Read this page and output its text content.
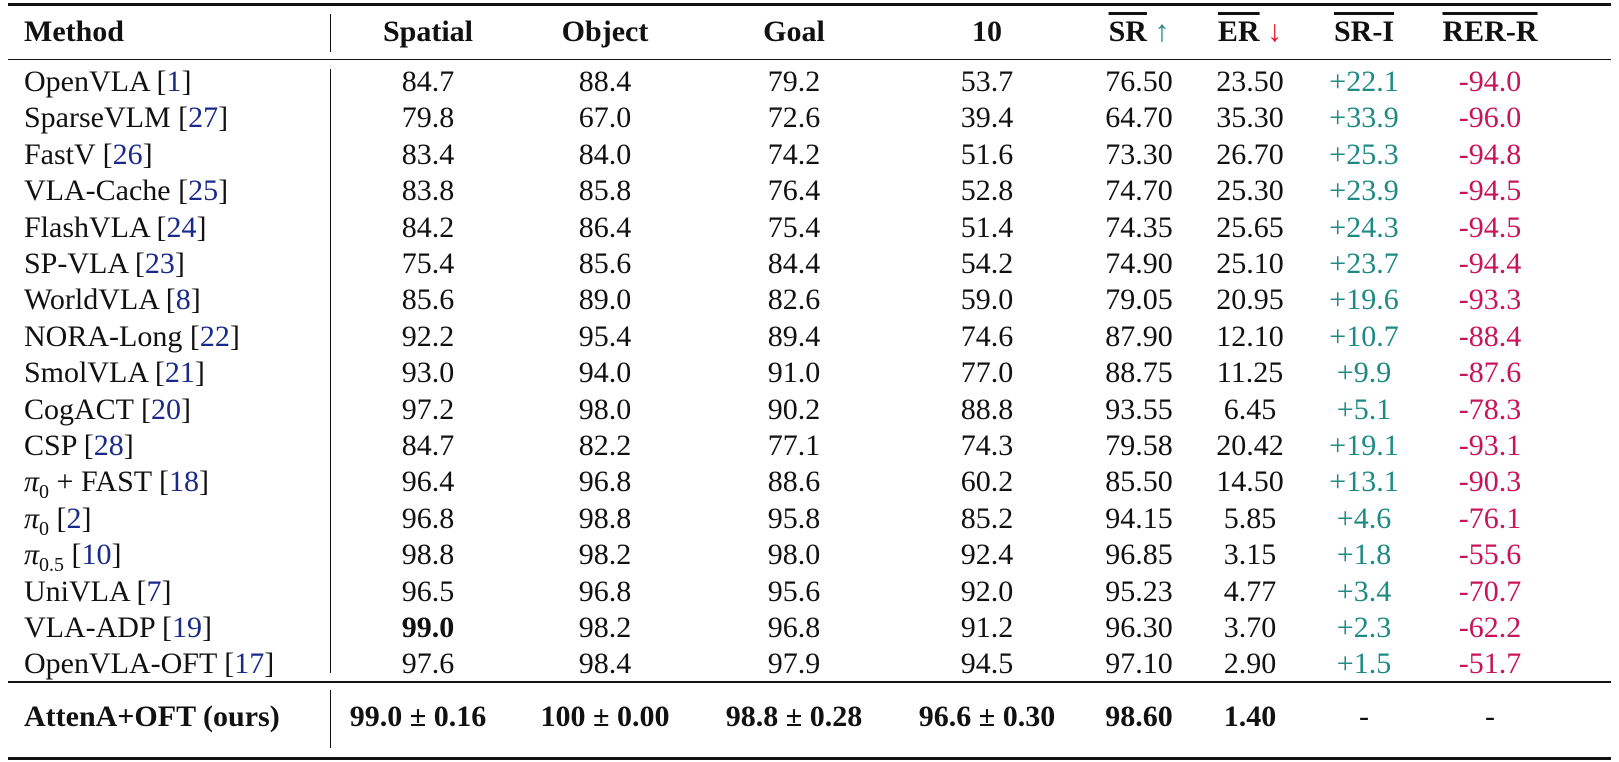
Method	Spatial	Object	Goal	10	$\overline{SR}$ ↑ $\overline{ER}$ ↓ SR-I RER-R
OpenVLA [1]	84.7	88.4	79.2	53.7	76.50 23.50 +22.1 -94.0
SparseVLM [27]	79.8	67.0	72.6	39.4	64.70 35.30 +33.9 -96.0
FastV [26]	83.4	84.0	74.2	51.6	73.30 26.70 +25.3 -94.8
VLA-Cache [25]	83.8	85.8	76.4	52.8	74.70 25.30 +23.9 -94.5
FlashVLA [24]	84.2	86.4	75.4	51.4	74.35 25.65 +24.3 -94.5
SP-VLA [23]	75.4	85.6	84.4	54.2	74.90 25.10 +23.7 -94.4
WorldVLA [8]	85.6	89.0	82.6	59.0	79.05 20.95 +19.6 -93.3
NORA-Long [22]	92.2	95.4	89.4	74.6	87.90 12.10 +10.7 -88.4
SmolVLA [21]	93.0	94.0	91.0	77.0	88.75 11.25 +9.9 -87.6
CogACT [20]	97.2	98.0	90.2	88.8	93.55 6.45 +5.1 -78.3
CSP [28]	84.7	82.2	77.1	74.3	79.58 20.42 +19.1 -93.1
$\pi_0$ + FAST [18]	96.4	96.8	88.6	60.2	85.50 14.50 +13.1 -90.3
$\pi_0$ [2]	96.8	98.8	95.8	85.2	94.15 5.85 +4.6 -76.1
$\pi_{0.5}$ [10]	98.8	98.2	98.0	92.4	96.85 3.15 +1.8 -55.6
UniVLA [7]	96.5	96.8	95.6	92.0	95.23 4.77 +3.4 -70.7
VLA-ADP [19]	99.0	98.2	96.8	91.2	96.30 3.70 +2.3 -62.2
OpenVLA-OFT [17]	97.6	98.4	97.9	94.5	97.10 2.90 +1.5 -51.7
AttenA+OFT (ours) 99.0 ± 0.16 100 ± 0.00 98.8 ± 0.28 96.6 ± 0.30 98.60 1.40	-	-
